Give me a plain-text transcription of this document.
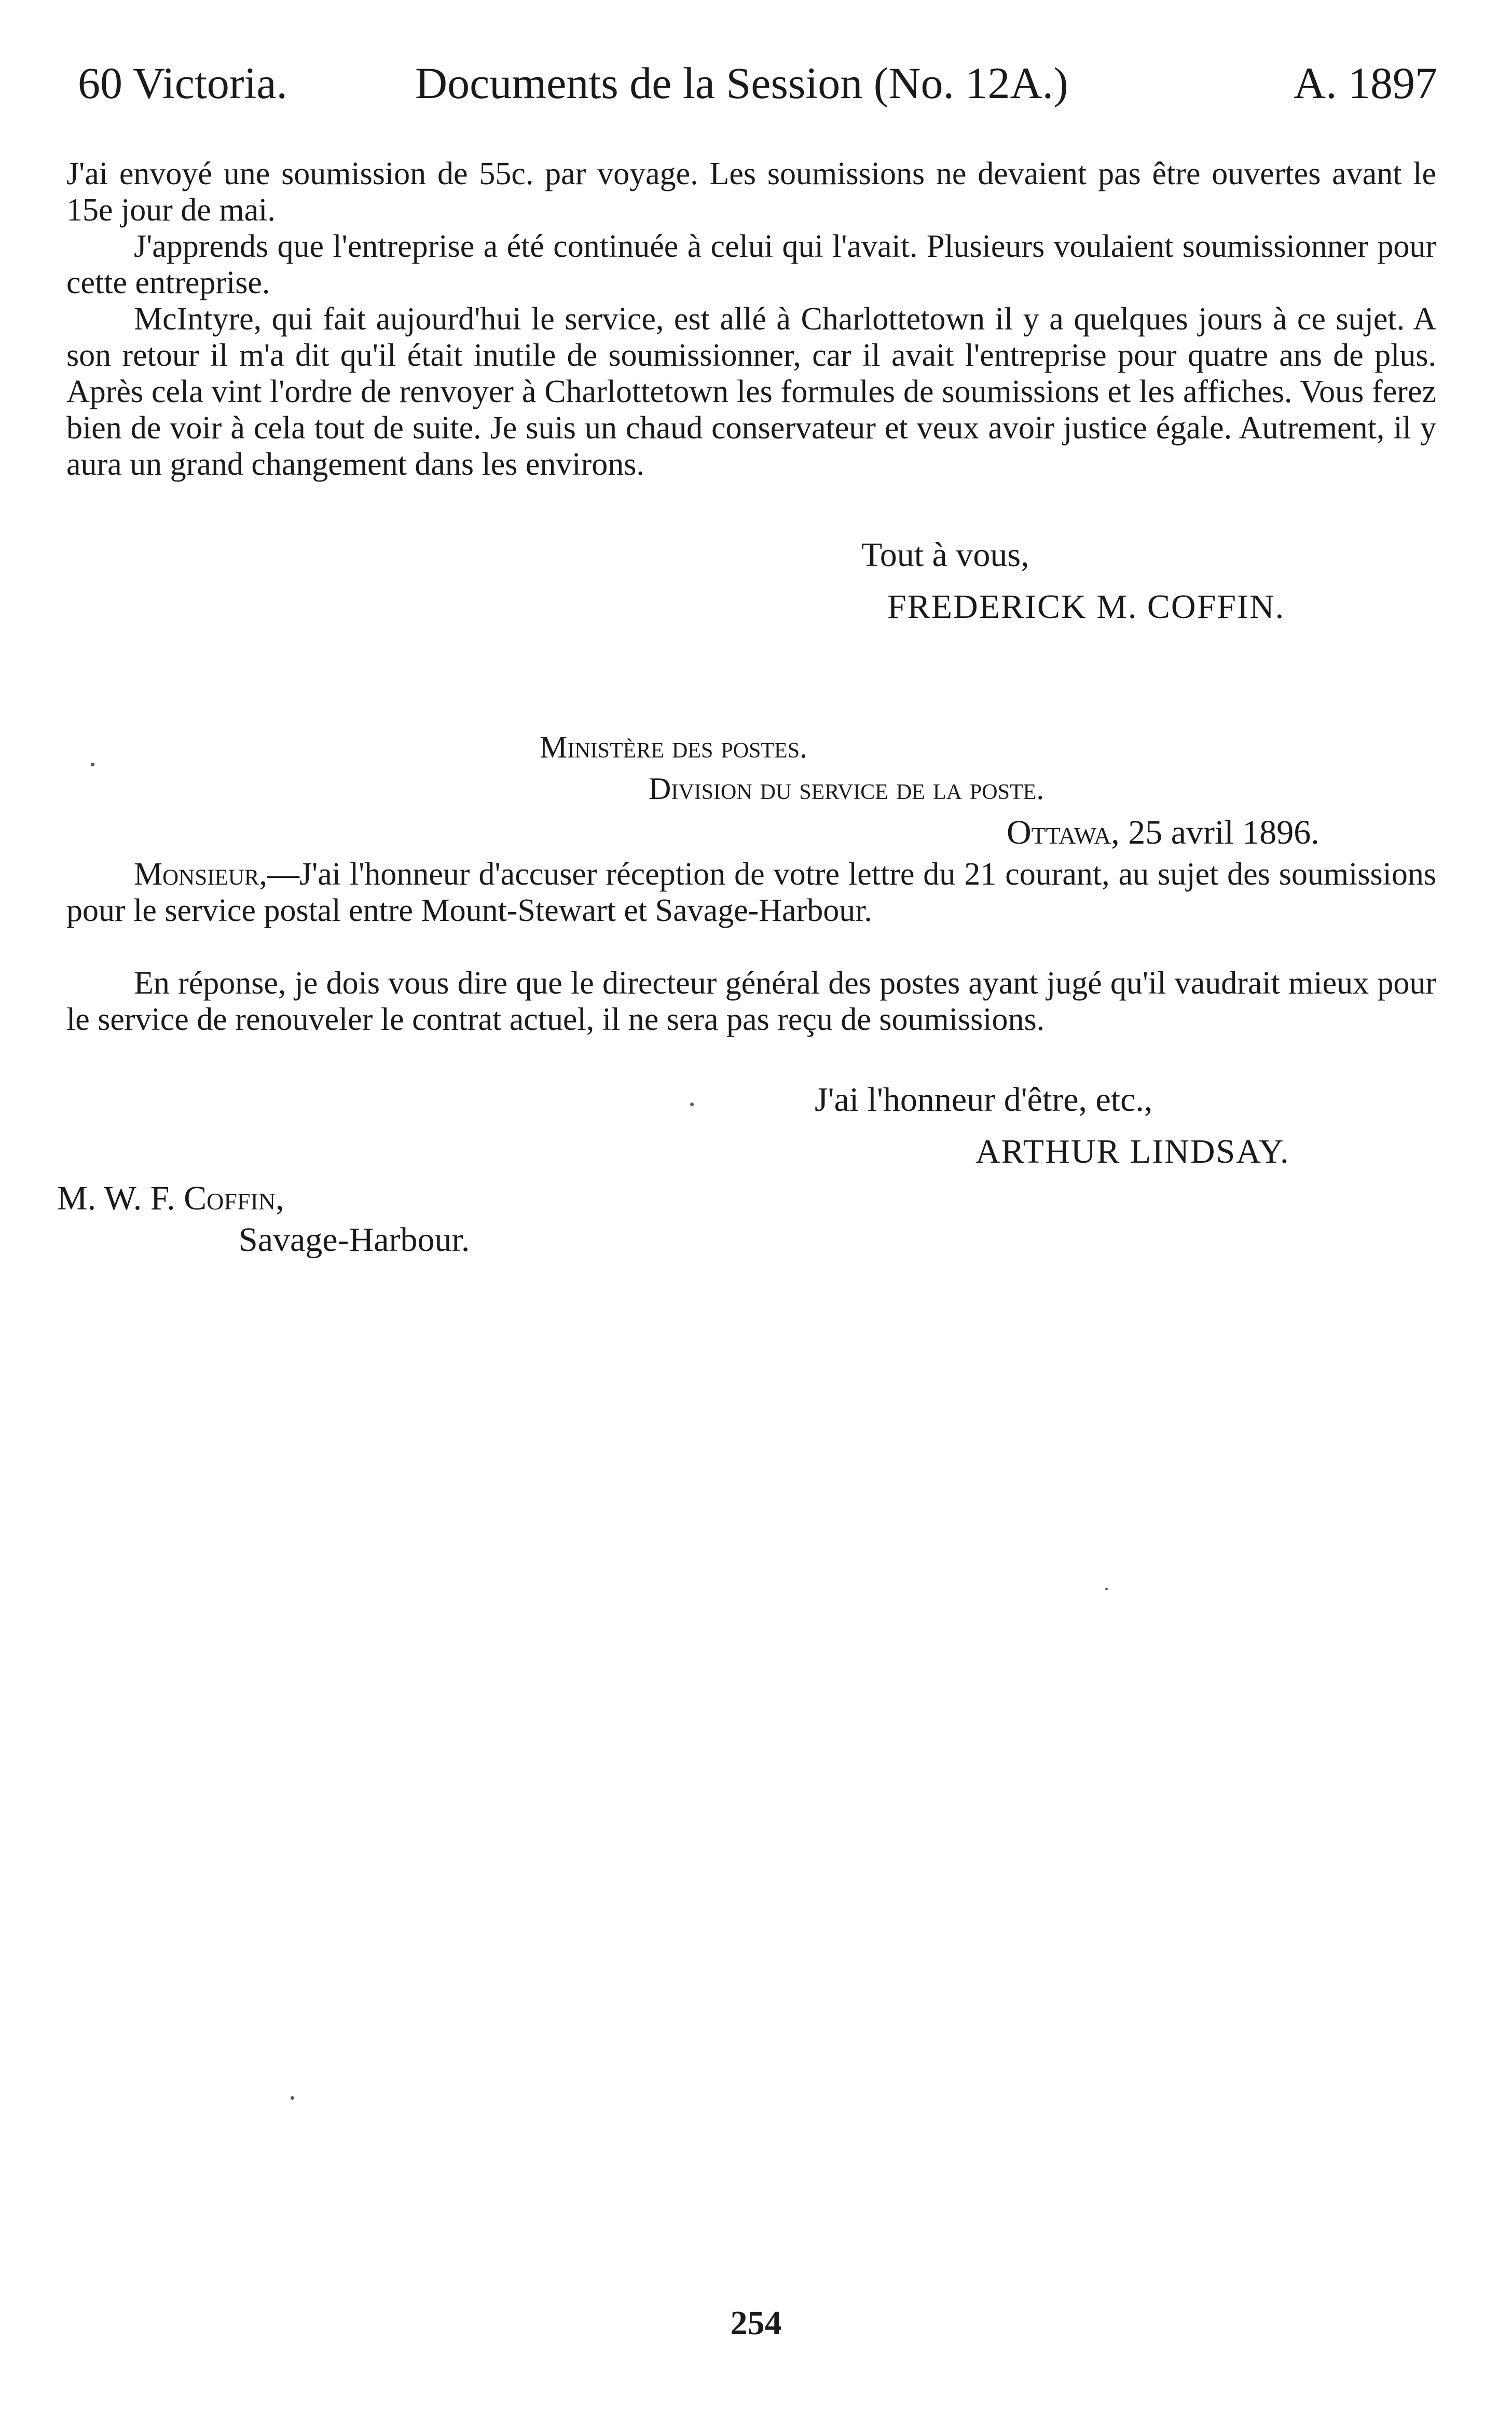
60 Victoria.	Documents de la Session (No. 12A.)	A. 1897

J'ai envoyé une soumission de 55c. par voyage. Les soumissions ne devaient pas être ouvertes avant le 15e jour de mai.

J'apprends que l'entreprise a été continuée à celui qui l'avait. Plusieurs voulaient soumissionner pour cette entreprise.

McIntyre, qui fait aujourd'hui le service, est allé à Charlottetown il y a quelques jours à ce sujet. A son retour il m'a dit qu'il était inutile de soumissionner, car il avait l'entreprise pour quatre ans de plus. Après cela vint l'ordre de renvoyer à Charlottetown les formules de soumissions et les affiches. Vous ferez bien de voir à cela tout de suite. Je suis un chaud conservateur et veux avoir justice égale. Autrement, il y aura un grand changement dans les environs.

Tout à vous,
FREDERICK M. COFFIN.
Ministère des postes.
Division du service de la poste.
Ottawa, 25 avril 1896.

Monsieur,—J'ai l'honneur d'accuser réception de votre lettre du 21 courant, au sujet des soumissions pour le service postal entre Mount-Stewart et Savage-Harbour.

En réponse, je dois vous dire que le directeur général des postes ayant jugé qu'il vaudrait mieux pour le service de renouveler le contrat actuel, il ne sera pas reçu de soumissions.

J'ai l'honneur d'être, etc.,
ARTHUR LINDSAY.
M. W. F. Coffin,
Savage-Harbour.
254
